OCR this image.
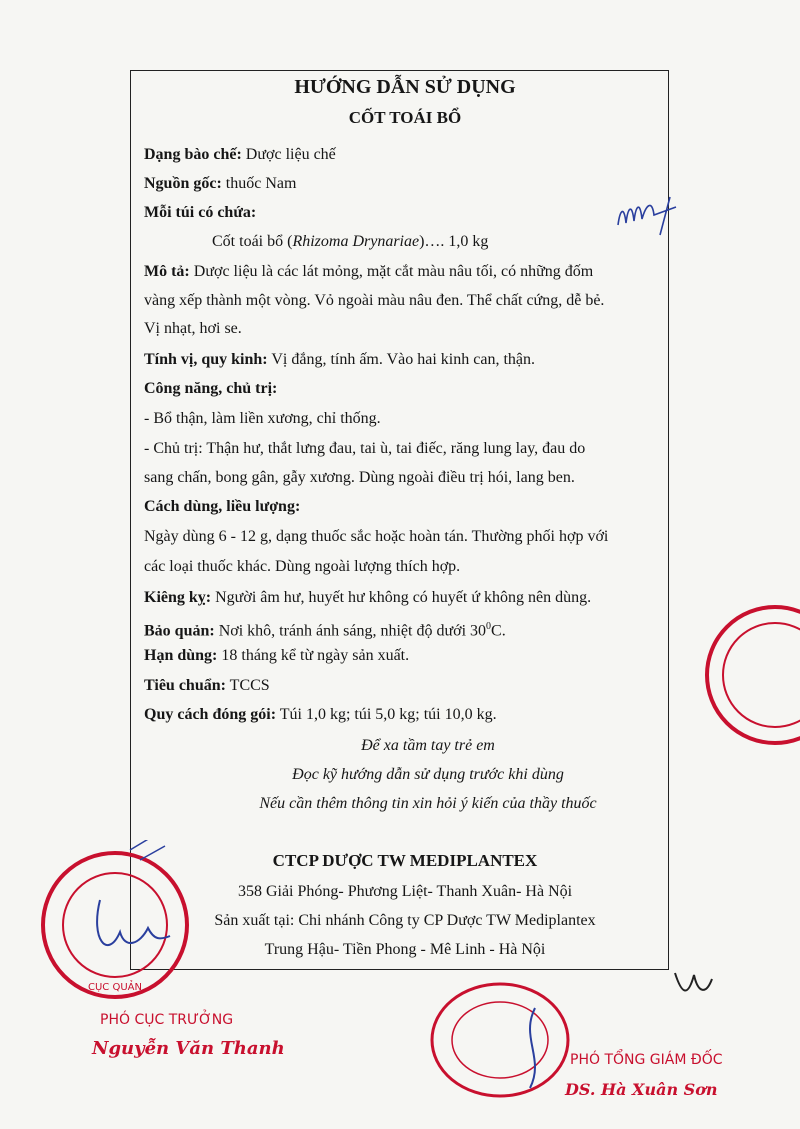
HƯỚNG DẪN SỬ DỤNG
CỐT TOÁI BỔ
Dạng bào chế: Dược liệu chế
Nguồn gốc: thuốc Nam
Mỗi túi có chứa:
Cốt toái bổ (Rhizoma Drynariae)…. 1,0 kg
Mô tả: Dược liệu là các lát mỏng, mặt cắt màu nâu tối, có những đốm
vàng xếp thành một vòng. Vỏ ngoài màu nâu đen. Thể chất cứng, dễ bẻ.
Vị nhạt, hơi se.
Tính vị, quy kinh: Vị đắng, tính ấm. Vào hai kinh can, thận.
Công năng, chủ trị:
- Bổ thận, làm liền xương, chỉ thống.
- Chủ trị: Thận hư, thắt lưng đau, tai ù, tai điếc, răng lung lay, đau do
sang chấn, bong gân, gẫy xương. Dùng ngoài điều trị hói, lang ben.
Cách dùng, liều lượng:
Ngày dùng 6 - 12 g, dạng thuốc sắc hoặc hoàn tán. Thường phối hợp với
các loại thuốc khác. Dùng ngoài lượng thích hợp.
Kiêng kỵ: Người âm hư, huyết hư không có huyết ứ không nên dùng.
Bảo quản: Nơi khô, tránh ánh sáng, nhiệt độ dưới $30^0C$.
Hạn dùng: 18 tháng kể từ ngày sản xuất.
Tiêu chuẩn: TCCS
Quy cách đóng gói: Túi 1,0 kg; túi 5,0 kg; túi 10,0 kg.
Để xa tầm tay trẻ em
Đọc kỹ hướng dẫn sử dụng trước khi dùng
Nếu cần thêm thông tin xin hỏi ý kiến của thầy thuốc
CTCP DƯỢC TW MEDIPLANTEX
358 Giải Phóng- Phương Liệt- Thanh Xuân- Hà Nội
Sản xuất tại: Chi nhánh Công ty CP Dược TW Mediplantex
Trung Hậu- Tiền Phong - Mê Linh - Hà Nội
CỤC QUẢN
PHÓ CỤC TRƯỞNG
Nguyễn Văn Thanh
PHÓ TỔNG GIÁM ĐỐC
DS. Hà Xuân Sơn
